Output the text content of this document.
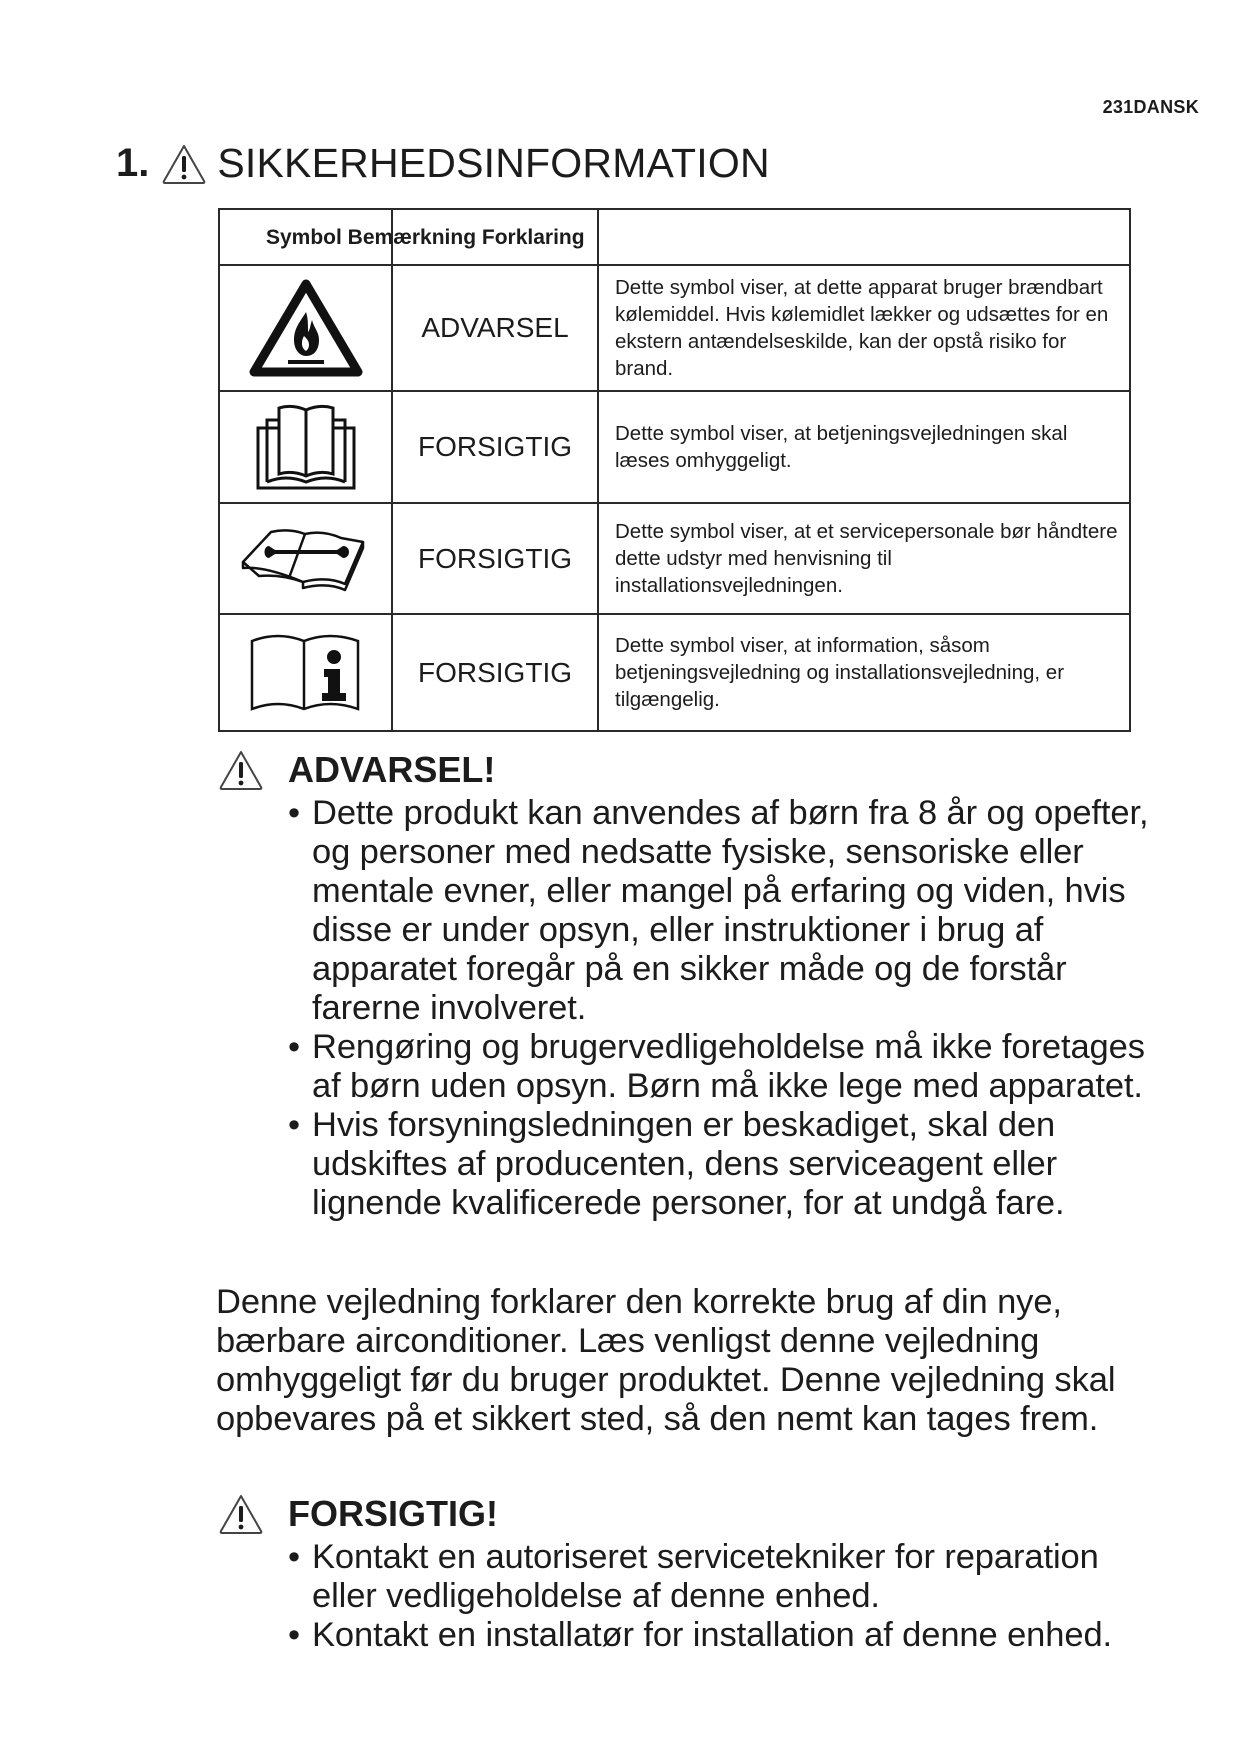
231DANSK
1. SIKKERHEDSINFORMATION
Symbol Bemærkning Forklaring		

	ADVARSEL	Dette symbol viser, at dette apparat bruger brændbart kølemiddel. Hvis kølemidlet lækker og udsættes for en ekstern antændelseskilde, kan der opstå risiko for brand.

	FORSIGTIG	Dette symbol viser, at betjeningsvejledningen skal læses omhyggeligt.

	FORSIGTIG	Dette symbol viser, at et servicepersonale bør håndtere dette udstyr med henvisning til installationsvejledningen.

	FORSIGTIG	Dette symbol viser, at information, såsom betjeningsvejledning og installationsvejledning, er tilgængelig.
ADVARSEL!
• Dette produkt kan anvendes af børn fra 8 år og opefter, og personer med nedsatte fysiske, sensoriske eller mentale evner, eller mangel på erfaring og viden, hvis disse er under opsyn, eller instruktioner i brug af apparatet foregår på en sikker måde og de forstår farerne involveret.
• Rengøring og brugervedligeholdelse må ikke foretages af børn uden opsyn. Børn må ikke lege med apparatet.
• Hvis forsyningsledningen er beskadiget, skal den udskiftes af producenten, dens serviceagent eller lignende kvalificerede personer, for at undgå fare.
Denne vejledning forklarer den korrekte brug af din nye, bærbare airconditioner. Læs venligst denne vejledning omhyggeligt før du bruger produktet. Denne vejledning skal opbevares på et sikkert sted, så den nemt kan tages frem.
FORSIGTIG!
• Kontakt en autoriseret servicetekniker for reparation eller vedligeholdelse af denne enhed.
• Kontakt en installatør for installation af denne enhed.
